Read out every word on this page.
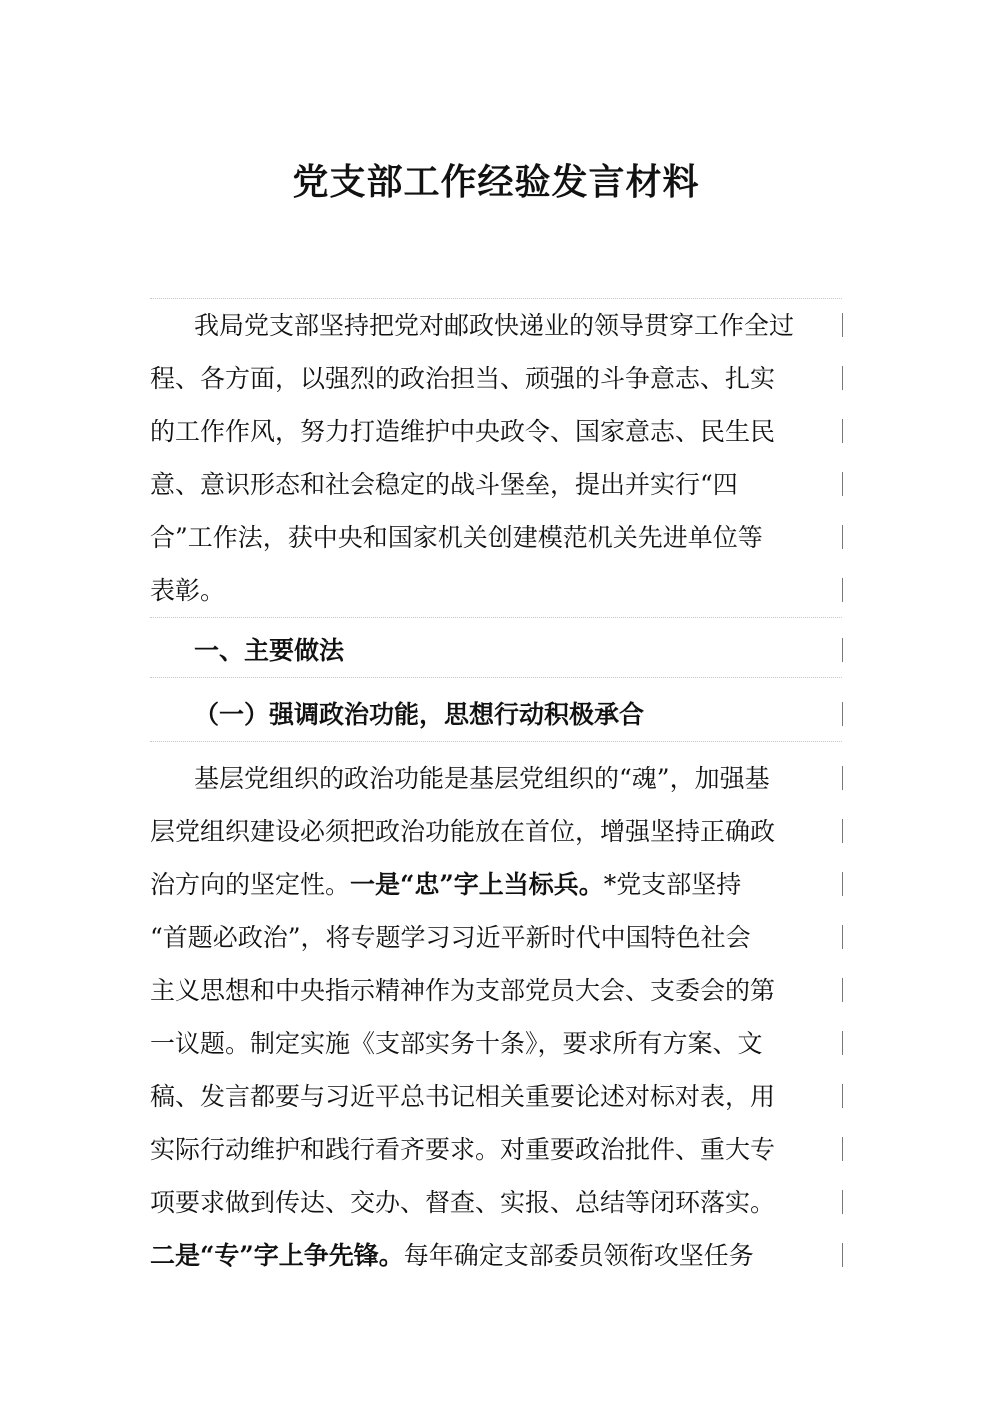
党支部工作经验发言材料
我局党支部坚持把党对邮政快递业的领导贯穿工作全过
程、各方面，以强烈的政治担当、顽强的斗争意志、扎实
的工作作风，努力打造维护中央政令、国家意志、民生民
意、意识形态和社会稳定的战斗堡垒，提出并实行“四
合”工作法，获中央和国家机关创建模范机关先进单位等
表彰。
一、主要做法
（一）强调政治功能，思想行动积极承合
基层党组织的政治功能是基层党组织的“魂”，加强基
层党组织建设必须把政治功能放在首位，增强坚持正确政
治方向的坚定性。一是“忠”字上当标兵。*党支部坚持
“首题必政治”，将专题学习习近平新时代中国特色社会
主义思想和中央指示精神作为支部党员大会、支委会的第
一议题。制定实施《支部实务十条》，要求所有方案、文
稿、发言都要与习近平总书记相关重要论述对标对表，用
实际行动维护和践行看齐要求。对重要政治批件、重大专
项要求做到传达、交办、督查、实报、总结等闭环落实。
二是“专”字上争先锋。每年确定支部委员领衔攻坚任务
